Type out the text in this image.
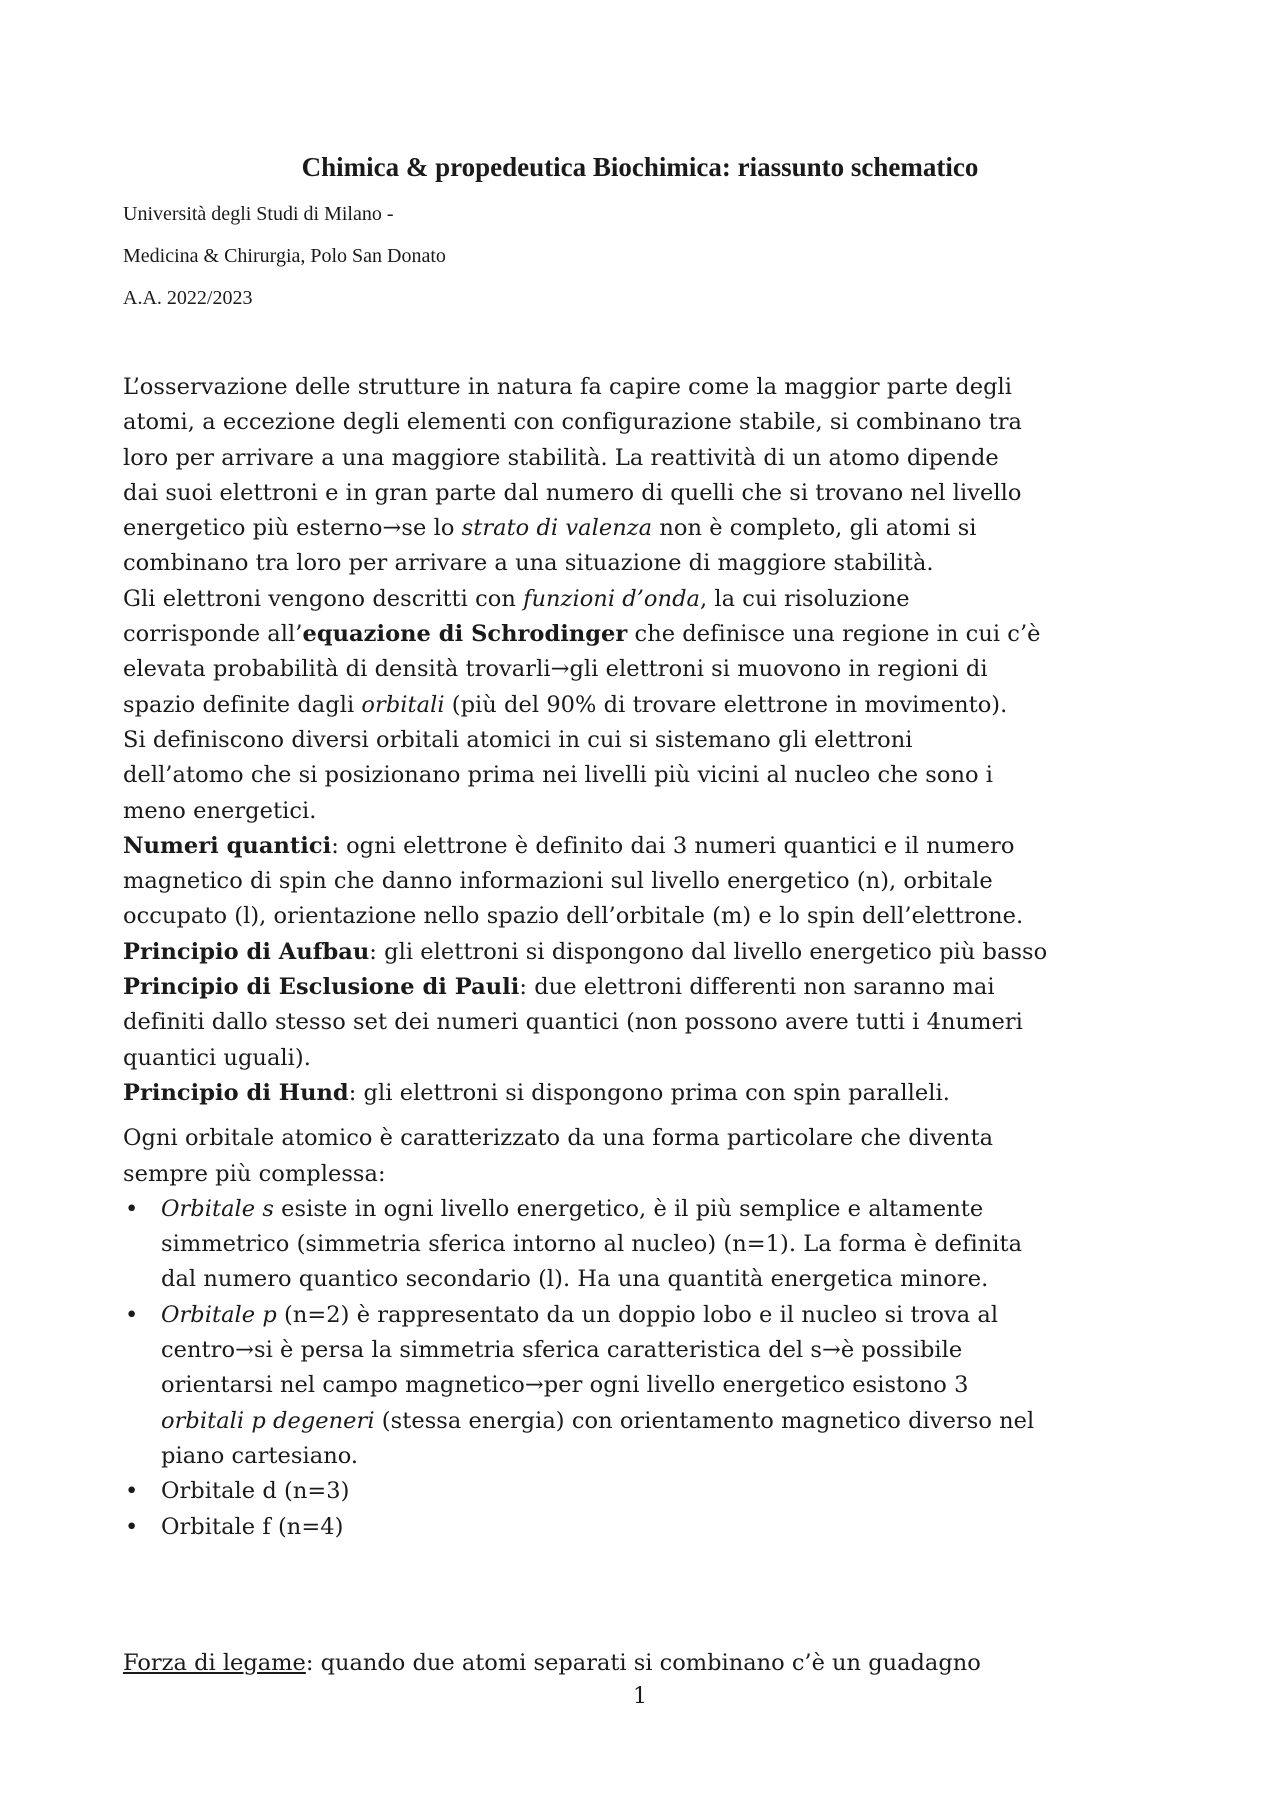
Chimica & propedeutica Biochimica: riassunto schematico

Università degli Studi di Milano -

Medicina & Chirurgia, Polo San Donato

A.A. 2022/2023

L’osservazione delle strutture in natura fa capire come la maggior parte degli
atomi, a eccezione degli elementi con configurazione stabile, si combinano tra
loro per arrivare a una maggiore stabilità. La reattività di un atomo dipende
dai suoi elettroni e in gran parte dal numero di quelli che si trovano nel livello
energetico più esterno→se lo strato di valenza non è completo, gli atomi si
combinano tra loro per arrivare a una situazione di maggiore stabilità.
Gli elettroni vengono descritti con funzioni d’onda, la cui risoluzione
corrisponde all’equazione di Schrodinger che definisce una regione in cui c’è
elevata probabilità di densità trovarli→gli elettroni si muovono in regioni di
spazio definite dagli orbitali (più del 90% di trovare elettrone in movimento).
Si definiscono diversi orbitali atomici in cui si sistemano gli elettroni
dell’atomo che si posizionano prima nei livelli più vicini al nucleo che sono i
meno energetici.

Numeri quantici: ogni elettrone è definito dai 3 numeri quantici e il numero
magnetico di spin che danno informazioni sul livello energetico (n), orbitale
occupato (l), orientazione nello spazio dell’orbitale (m) e lo spin dell’elettrone.

Principio di Aufbau: gli elettroni si dispongono dal livello energetico più basso

Principio di Esclusione di Pauli: due elettroni differenti non saranno mai
definiti dallo stesso set dei numeri quantici (non possono avere tutti i 4numeri
quantici uguali).

Principio di Hund: gli elettroni si dispongono prima con spin paralleli.

Ogni orbitale atomico è caratterizzato da una forma particolare che diventa
sempre più complessa:

• Orbitale s esiste in ogni livello energetico, è il più semplice e altamente
simmetrico (simmetria sferica intorno al nucleo) (n=1). La forma è definita
dal numero quantico secondario (l). Ha una quantità energetica minore.
• Orbitale p (n=2) è rappresentato da un doppio lobo e il nucleo si trova al
centro→si è persa la simmetria sferica caratteristica del s→è possibile
orientarsi nel campo magnetico→per ogni livello energetico esistono 3
orbitali p degeneri (stessa energia) con orientamento magnetico diverso nel
piano cartesiano.
• Orbitale d (n=3)
• Orbitale f (n=4)

Forza di legame: quando due atomi separati si combinano c’è un guadagno

1
